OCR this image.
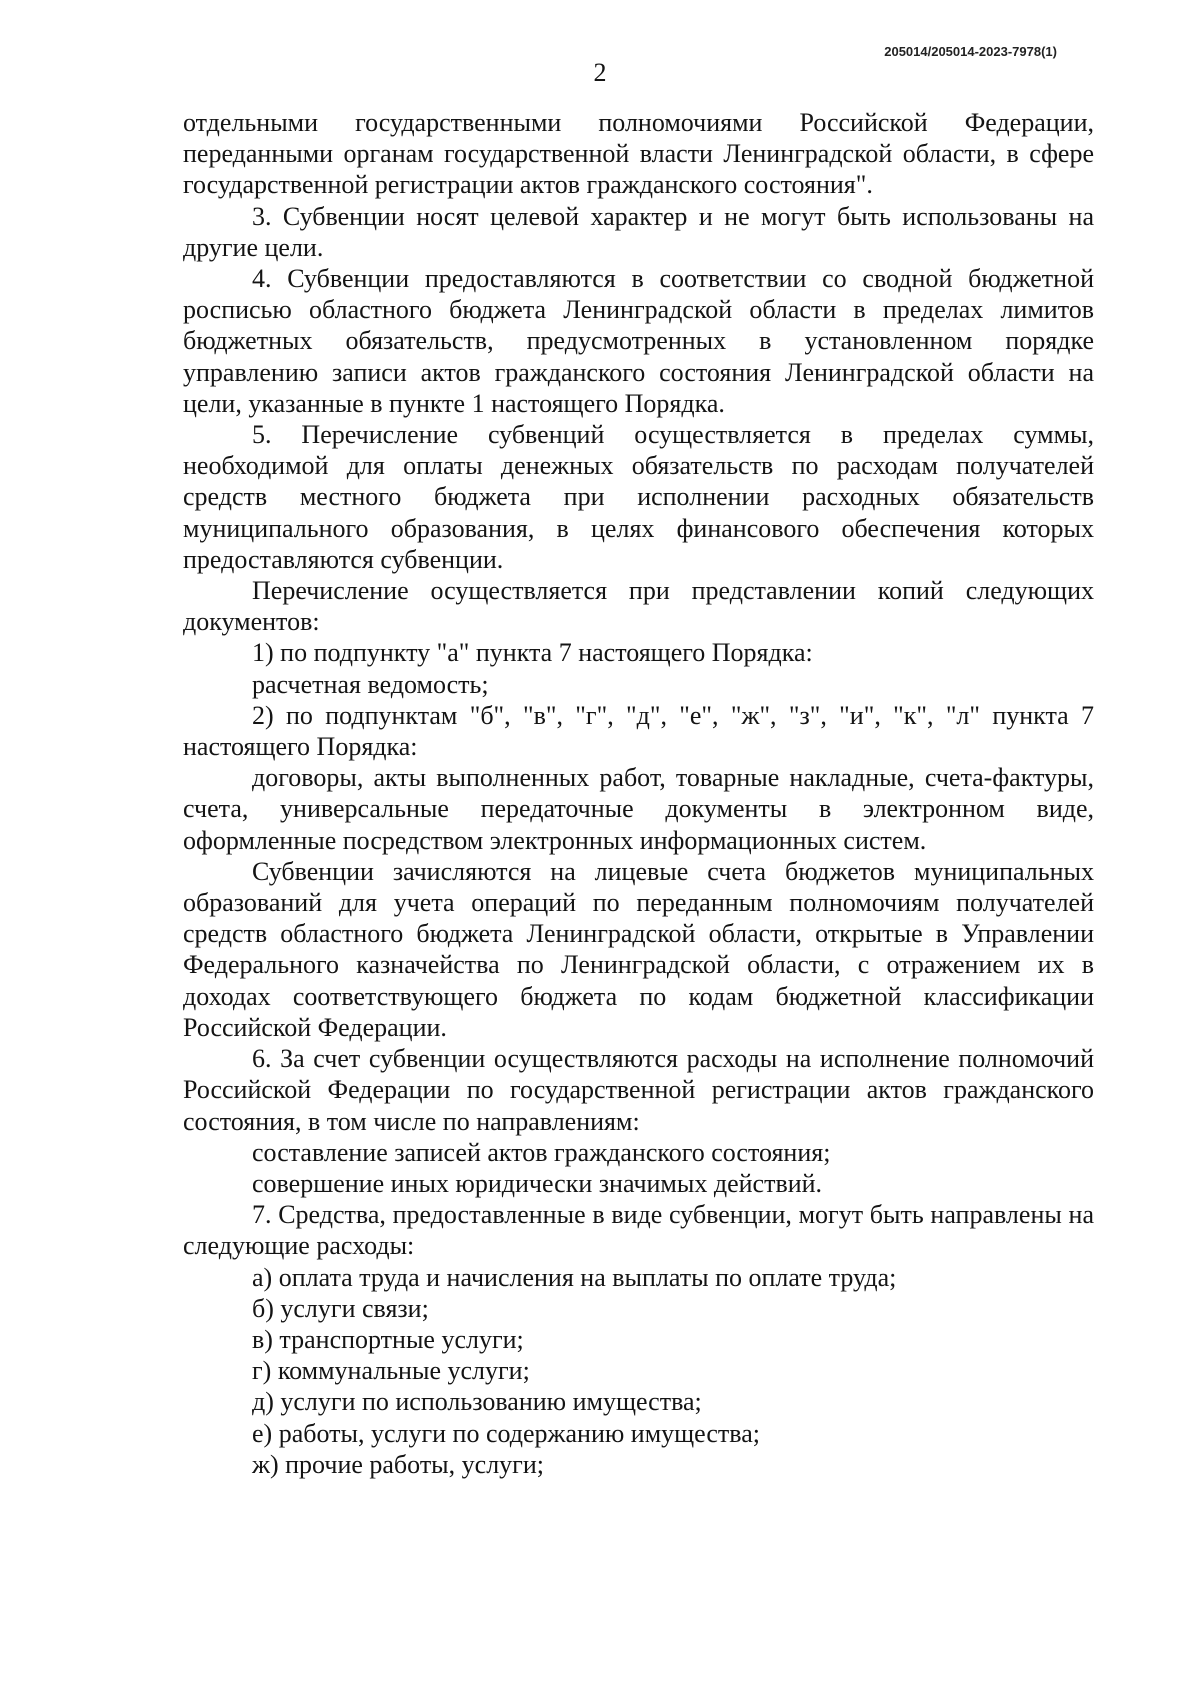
205014/205014-2023-7978(1)
2

отдельными государственными полномочиями Российской Федерации, переданными органам государственной власти Ленинградской области, в сфере государственной регистрации актов гражданского состояния".

3. Субвенции носят целевой характер и не могут быть использованы на другие цели.

4. Субвенции предоставляются в соответствии со сводной бюджетной росписью областного бюджета Ленинградской области в пределах лимитов бюджетных обязательств, предусмотренных в установленном порядке управлению записи актов гражданского состояния Ленинградской области на цели, указанные в пункте 1 настоящего Порядка.

5. Перечисление субвенций осуществляется в пределах суммы, необходимой для оплаты денежных обязательств по расходам получателей средств местного бюджета при исполнении расходных обязательств муниципального образования, в целях финансового обеспечения которых предоставляются субвенции.

Перечисление осуществляется при представлении копий следующих документов:

1) по подпункту "а" пункта 7 настоящего Порядка:

расчетная ведомость;

2) по подпунктам "б", "в", "г", "д", "е", "ж", "з", "и", "к", "л" пункта 7 настоящего Порядка:

договоры, акты выполненных работ, товарные накладные, счета-фактуры, счета, универсальные передаточные документы в электронном виде, оформленные посредством электронных информационных систем.

Субвенции зачисляются на лицевые счета бюджетов муниципальных образований для учета операций по переданным полномочиям получателей средств областного бюджета Ленинградской области, открытые в Управлении Федерального казначейства по Ленинградской области, с отражением их в доходах соответствующего бюджета по кодам бюджетной классификации Российской Федерации.

6. За счет субвенции осуществляются расходы на исполнение полномочий Российской Федерации по государственной регистрации актов гражданского состояния, в том числе по направлениям:

составление записей актов гражданского состояния;

совершение иных юридически значимых действий.

7. Средства, предоставленные в виде субвенции, могут быть направлены на следующие расходы:

а) оплата труда и начисления на выплаты по оплате труда;

б) услуги связи;

в) транспортные услуги;

г) коммунальные услуги;

д) услуги по использованию имущества;

е) работы, услуги по содержанию имущества;

ж) прочие работы, услуги;
